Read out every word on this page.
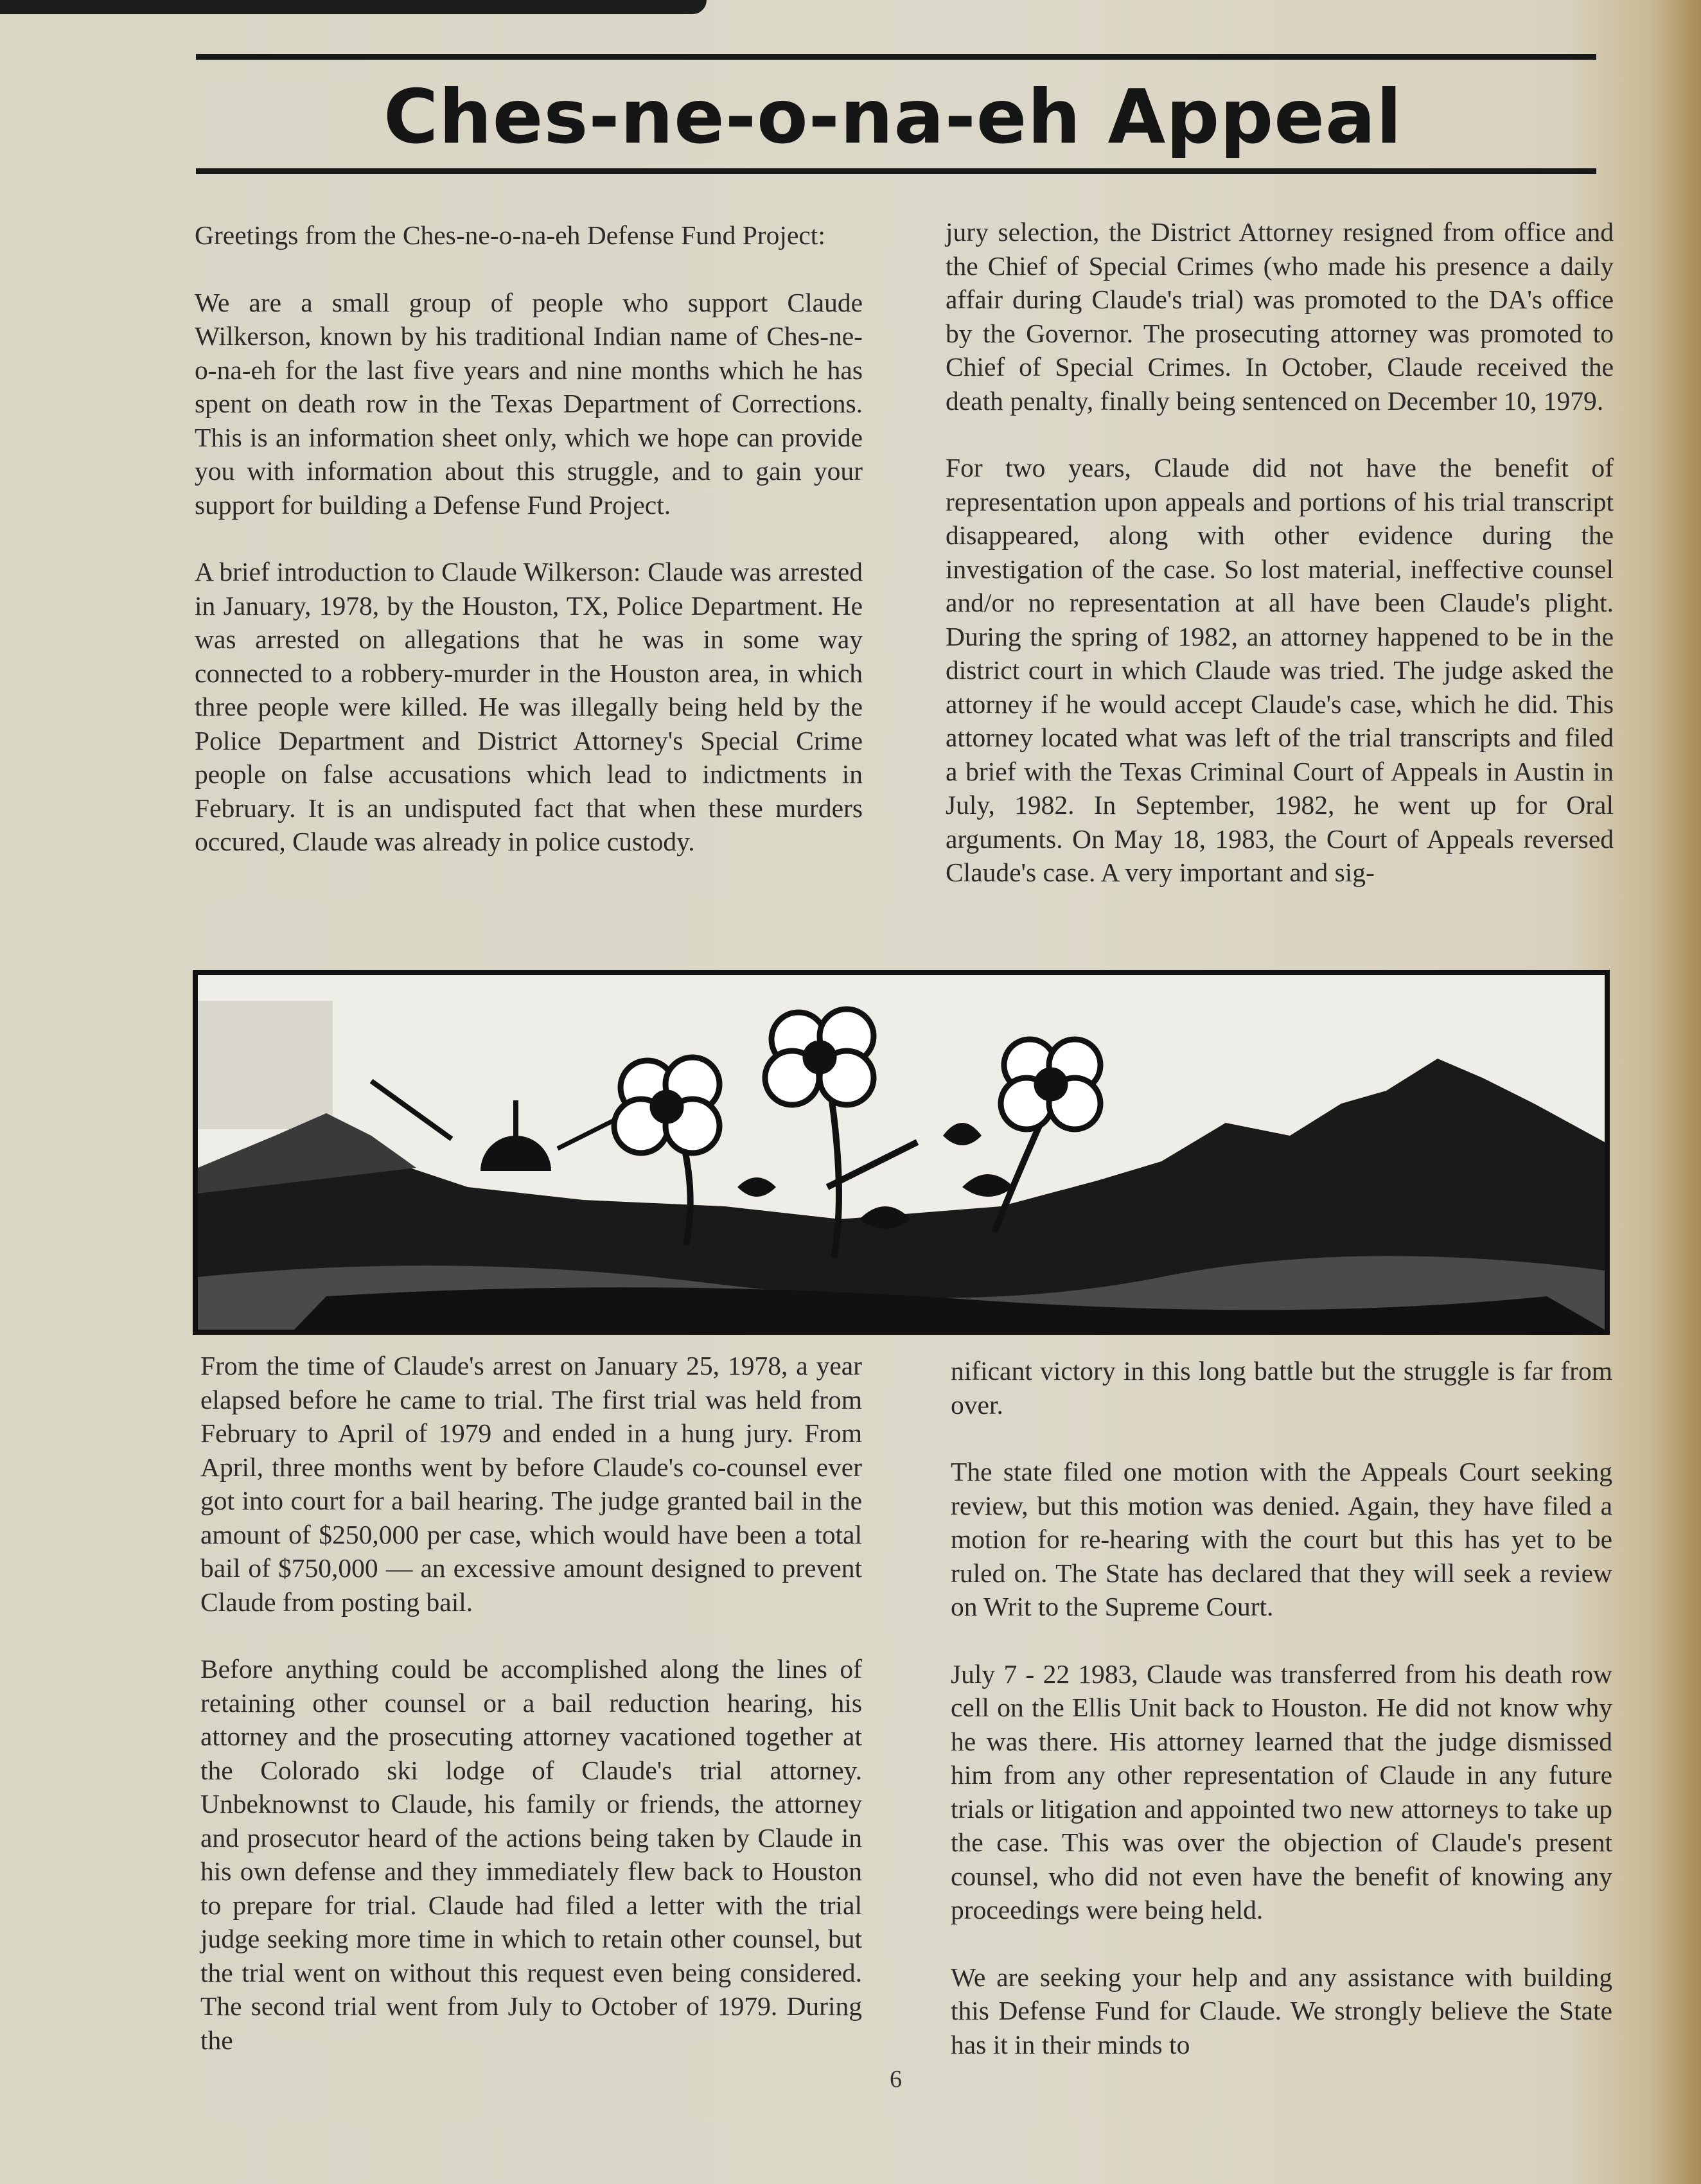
Ches-ne-o-na-eh Appeal

Greetings from the Ches-ne-o-na-eh Defense Fund Project:

We are a small group of people who support Claude Wilkerson, known by his traditional Indian name of Ches-ne-o-na-eh for the last five years and nine months which he has spent on death row in the Texas Department of Corrections. This is an information sheet only, which we hope can provide you with information about this struggle, and to gain your support for building a Defense Fund Project.

A brief introduction to Claude Wilkerson: Claude was arrested in January, 1978, by the Houston, TX, Police Department. He was arrested on allegations that he was in some way connected to a robbery-murder in the Houston area, in which three people were killed. He was illegally being held by the Police Department and District Attorney's Special Crime people on false accusations which lead to indictments in February. It is an undisputed fact that when these murders occured, Claude was already in police custody.

jury selection, the District Attorney resigned from office and the Chief of Special Crimes (who made his presence a daily affair during Claude's trial) was promoted to the DA's office by the Governor. The prosecuting attorney was promoted to Chief of Special Crimes. In October, Claude received the death penalty, finally being sentenced on December 10, 1979.

For two years, Claude did not have the benefit of representation upon appeals and portions of his trial transcript disappeared, along with other evidence during the investigation of the case. So lost material, ineffective counsel and/or no representation at all have been Claude's plight. During the spring of 1982, an attorney happened to be in the district court in which Claude was tried. The judge asked the attorney if he would accept Claude's case, which he did. This attorney located what was left of the trial transcripts and filed a brief with the Texas Criminal Court of Appeals in Austin in July, 1982. In September, 1982, he went up for Oral arguments. On May 18, 1983, the Court of Appeals reversed Claude's case. A very important and sig-

From the time of Claude's arrest on January 25, 1978, a year elapsed before he came to trial. The first trial was held from February to April of 1979 and ended in a hung jury. From April, three months went by before Claude's co-counsel ever got into court for a bail hearing. The judge granted bail in the amount of $250,000 per case, which would have been a total bail of $750,000 — an excessive amount designed to prevent Claude from posting bail.

Before anything could be accomplished along the lines of retaining other counsel or a bail reduction hearing, his attorney and the prosecuting attorney vacationed together at the Colorado ski lodge of Claude's trial attorney. Unbeknownst to Claude, his family or friends, the attorney and prosecutor heard of the actions being taken by Claude in his own defense and they immediately flew back to Houston to prepare for trial. Claude had filed a letter with the trial judge seeking more time in which to retain other counsel, but the trial went on without this request even being considered. The second trial went from July to October of 1979. During the

nificant victory in this long battle but the struggle is far from over.

The state filed one motion with the Appeals Court seeking review, but this motion was denied. Again, they have filed a motion for re-hearing with the court but this has yet to be ruled on. The State has declared that they will seek a review on Writ to the Supreme Court.

July 7 - 22 1983, Claude was transferred from his death row cell on the Ellis Unit back to Houston. He did not know why he was there. His attorney learned that the judge dismissed him from any other representation of Claude in any future trials or litigation and appointed two new attorneys to take up the case. This was over the objection of Claude's present counsel, who did not even have the benefit of knowing any proceedings were being held.

We are seeking your help and any assistance with building this Defense Fund for Claude. We strongly believe the State has it in their minds to

6
